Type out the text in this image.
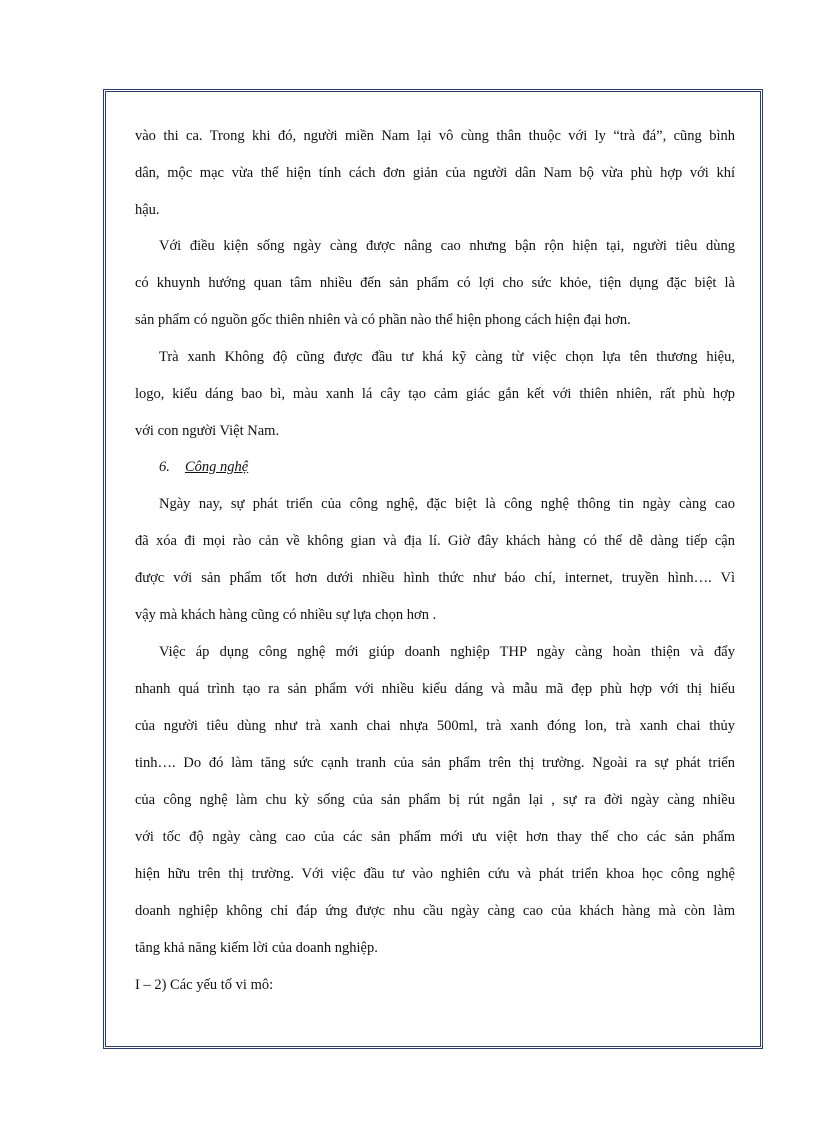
vào thi ca. Trong khi đó, người miền Nam lại vô cùng thân thuộc với ly “trà đá”, cũng bình
dân, mộc mạc vừa thể hiện tính cách đơn giản của người dân Nam bộ vừa phù hợp với khí
hậu.
Với điều kiện sống ngày càng được nâng cao nhưng bận rộn hiện tại, người tiêu dùng
có khuynh hướng quan tâm nhiều đến sản phẩm có lợi cho sức khỏe, tiện dụng đặc biệt là
sản phẩm có nguồn gốc thiên nhiên và có phần nào thể hiện phong cách hiện đại hơn.
Trà xanh Không độ cũng được đầu tư khá kỹ càng từ việc chọn lựa tên thương hiệu,
logo, kiểu dáng bao bì, màu xanh lá cây tạo cảm giác gắn kết với thiên nhiên, rất phù hợp
với con người Việt Nam.
6. Công nghệ
Ngày nay, sự phát triển của công nghệ, đặc biệt là công nghệ thông tin ngày càng cao
đã xóa đi mọi rào cản về không gian và địa lí. Giờ đây khách hàng có thể dễ dàng tiếp cận
được với sản phẩm tốt hơn dưới nhiều hình thức như báo chí, internet, truyền hình…. Vì
vậy mà khách hàng cũng có nhiều sự lựa chọn hơn .
Việc áp dụng công nghệ mới giúp doanh nghiệp THP ngày càng hoàn thiện và đẩy
nhanh quá trình tạo ra sản phẩm với nhiều kiểu dáng và mẫu mã đẹp phù hợp với thị hiếu
của người tiêu dùng như trà xanh chai nhựa 500ml, trà xanh đóng lon, trà xanh chai thủy
tinh…. Do đó làm tăng sức cạnh tranh của sản phẩm trên thị trường. Ngoài ra sự phát triển
của công nghệ làm chu kỳ sống của sản phẩm bị rút ngắn lại , sự ra đời ngày càng nhiều
với tốc độ ngày càng cao của các sản phẩm mới ưu việt hơn thay thế cho các sản phẩm
hiện hữu trên thị trường. Với việc đầu tư vào nghiên cứu và phát triển khoa học công nghệ
doanh nghiệp không chỉ đáp ứng được nhu cầu ngày càng cao của khách hàng mà còn làm
tăng khả năng kiếm lời của doanh nghiệp.
I – 2) Các yếu tố vi mô:
